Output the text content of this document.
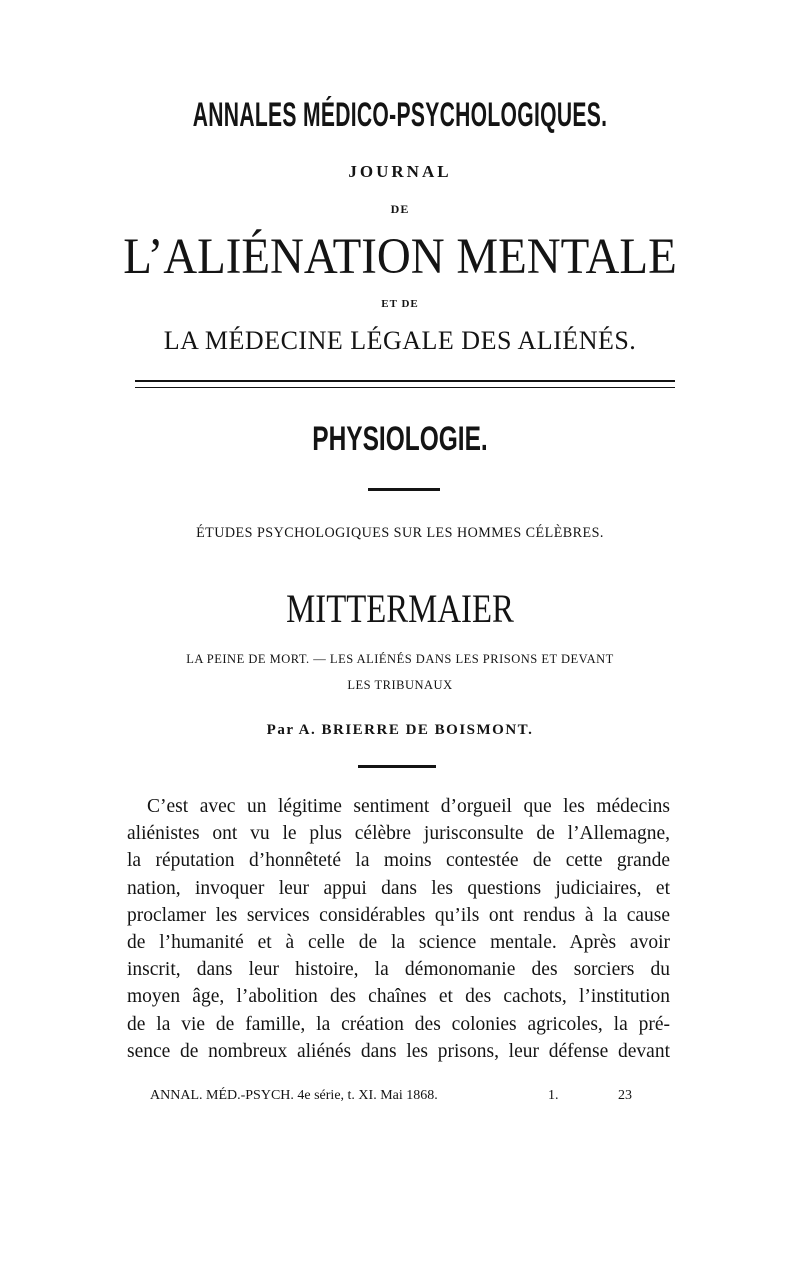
ANNALES MÉDICO-PSYCHOLOGIQUES.
JOURNAL
DE
L’ALIÉNATION MENTALE
ET DE
LA MÉDECINE LÉGALE DES ALIÉNÉS.
PHYSIOLOGIE.
ÉTUDES PSYCHOLOGIQUES SUR LES HOMMES CÉLÈBRES.
MITTERMAIER
LA PEINE DE MORT. — LES ALIÉNÉS DANS LES PRISONS ET DEVANT
LES TRIBUNAUX
Par A. BRIERRE DE BOISMONT.
C’est avec un légitime sentiment d’orgueil que les médecins
aliénistes ont vu le plus célèbre jurisconsulte de l’Allemagne,
la réputation d’honnêteté la moins contestée de cette grande
nation, invoquer leur appui dans les questions judiciaires, et
proclamer les services considérables qu’ils ont rendus à la cause
de l’humanité et à celle de la science mentale. Après avoir
inscrit, dans leur histoire, la démonomanie des sorciers du
moyen âge, l’abolition des chaînes et des cachots, l’institution
de la vie de famille, la création des colonies agricoles, la pré-
sence de nombreux aliénés dans les prisons, leur défense devant
ANNAL. MÉD.-PSYCH. 4e série, t. XI. Mai 1868.	1.	23
